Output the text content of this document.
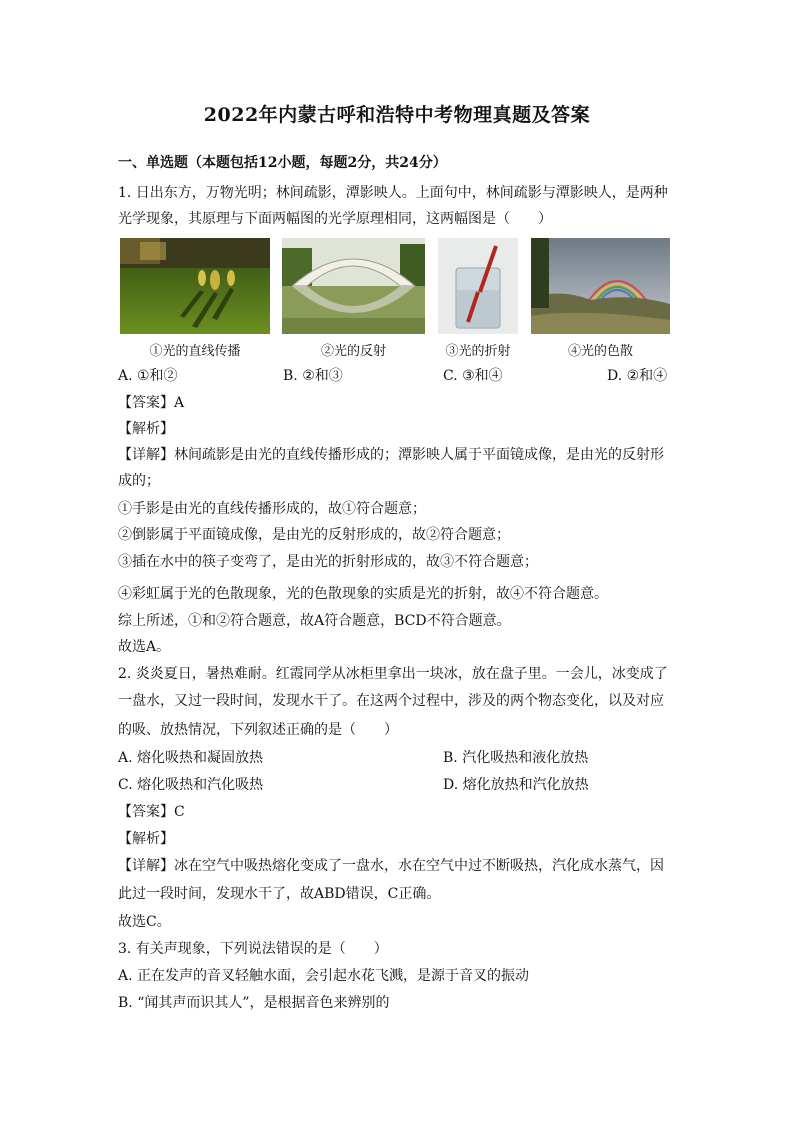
2022年内蒙古呼和浩特中考物理真题及答案
一、单选题（本题包括12小题，每题2分，共24分）
1. 日出东方，万物光明；林间疏影，潭影映人。上面句中，林间疏影与潭影映人，是两种
光学现象，其原理与下面两幅图的光学原理相同，这两幅图是（　　）
①光的直线传播	②光的反射	③光的折射	④光的色散
A. ①和②	B. ②和③	C. ③和④	D. ②和④
【答案】A
【解析】
【详解】林间疏影是由光的直线传播形成的；潭影映人属于平面镜成像，是由光的反射形
成的；
①手影是由光的直线传播形成的，故①符合题意；
②倒影属于平面镜成像，是由光的反射形成的，故②符合题意；
③插在水中的筷子变弯了，是由光的折射形成的，故③不符合题意；
④彩虹属于光的色散现象，光的色散现象的实质是光的折射，故④不符合题意。
综上所述，①和②符合题意，故A符合题意，BCD不符合题意。
故选A。
2. 炎炎夏日，暑热难耐。红霞同学从冰柜里拿出一块冰，放在盘子里。一会儿，冰变成了
一盘水，又过一段时间，发现水干了。在这两个过程中，涉及的两个物态变化，以及对应
的吸、放热情况，下列叙述正确的是（　　）
A. 熔化吸热和凝固放热	B. 汽化吸热和液化放热
C. 熔化吸热和汽化吸热	D. 熔化放热和汽化放热
【答案】C
【解析】
【详解】冰在空气中吸热熔化变成了一盘水，水在空气中过不断吸热，汽化成水蒸气，因
此过一段时间，发现水干了，故ABD错误，C正确。
故选C。
3. 有关声现象，下列说法错误的是（　　）
A. 正在发声的音叉轻触水面，会引起水花飞溅，是源于音叉的振动
B. “闻其声而识其人”，是根据音色来辨别的
